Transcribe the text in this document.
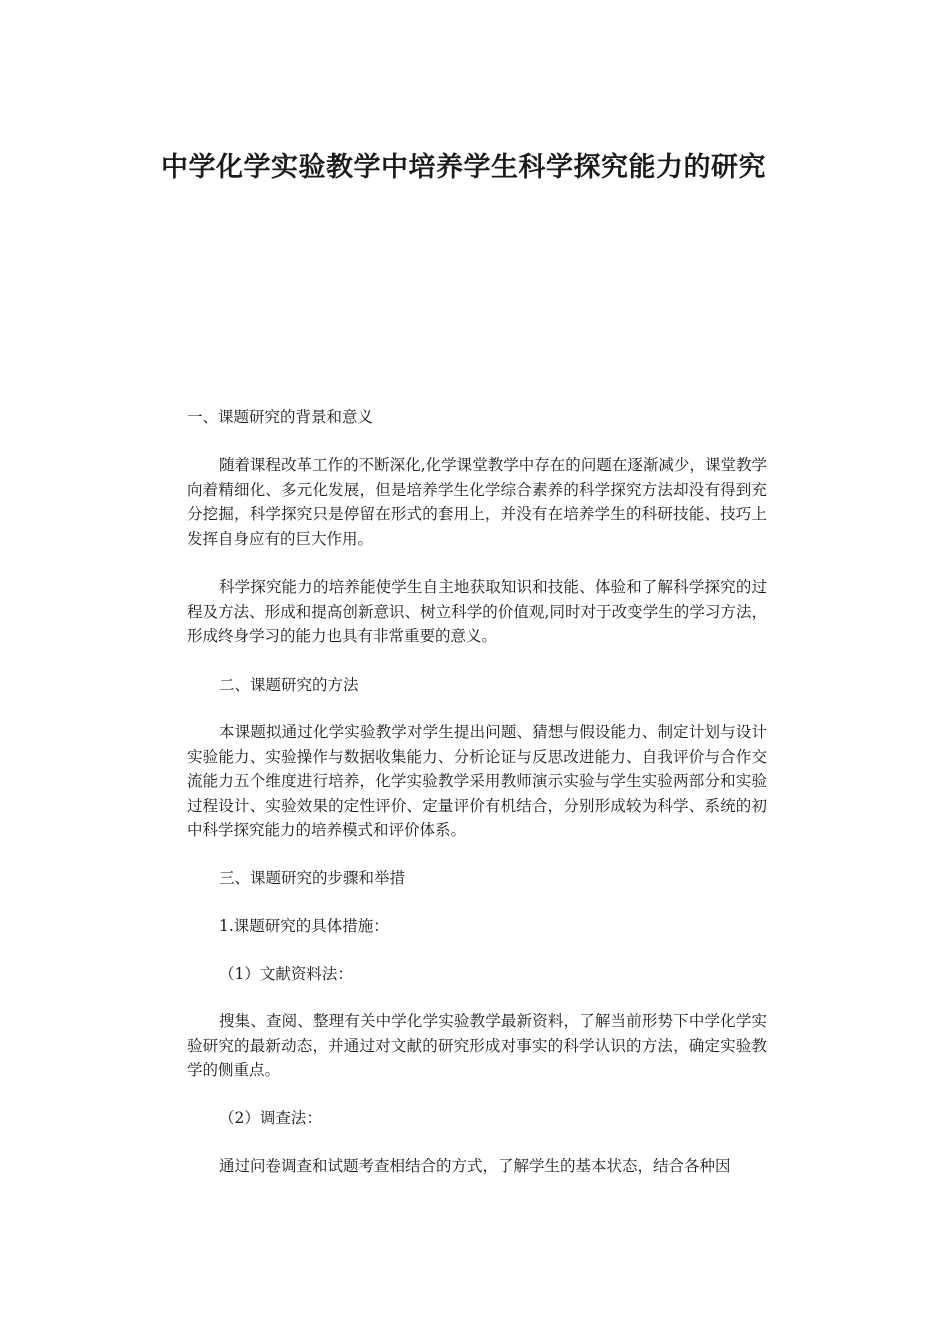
中学化学实验教学中培养学生科学探究能力的研究

一、课题研究的背景和意义

随着课程改革工作的不断深化,化学课堂教学中存在的问题在逐渐减少，课堂教学向着精细化、多元化发展，但是培养学生化学综合素养的科学探究方法却没有得到充分挖掘，科学探究只是停留在形式的套用上，并没有在培养学生的科研技能、技巧上发挥自身应有的巨大作用。

科学探究能力的培养能使学生自主地获取知识和技能、体验和了解科学探究的过程及方法、形成和提高创新意识、树立科学的价值观,同时对于改变学生的学习方法，形成终身学习的能力也具有非常重要的意义。

二、课题研究的方法

本课题拟通过化学实验教学对学生提出问题、猜想与假设能力、制定计划与设计实验能力、实验操作与数据收集能力、分析论证与反思改进能力、自我评价与合作交流能力五个维度进行培养，化学实验教学采用教师演示实验与学生实验两部分和实验过程设计、实验效果的定性评价、定量评价有机结合，分别形成较为科学、系统的初中科学探究能力的培养模式和评价体系。

三、课题研究的步骤和举措

1.课题研究的具体措施：

（1）文献资料法：

搜集、查阅、整理有关中学化学实验教学最新资料，了解当前形势下中学化学实验研究的最新动态，并通过对文献的研究形成对事实的科学认识的方法，确定实验教学的侧重点。

（2）调查法：

通过问卷调查和试题考查相结合的方式，了解学生的基本状态，结合各种因
